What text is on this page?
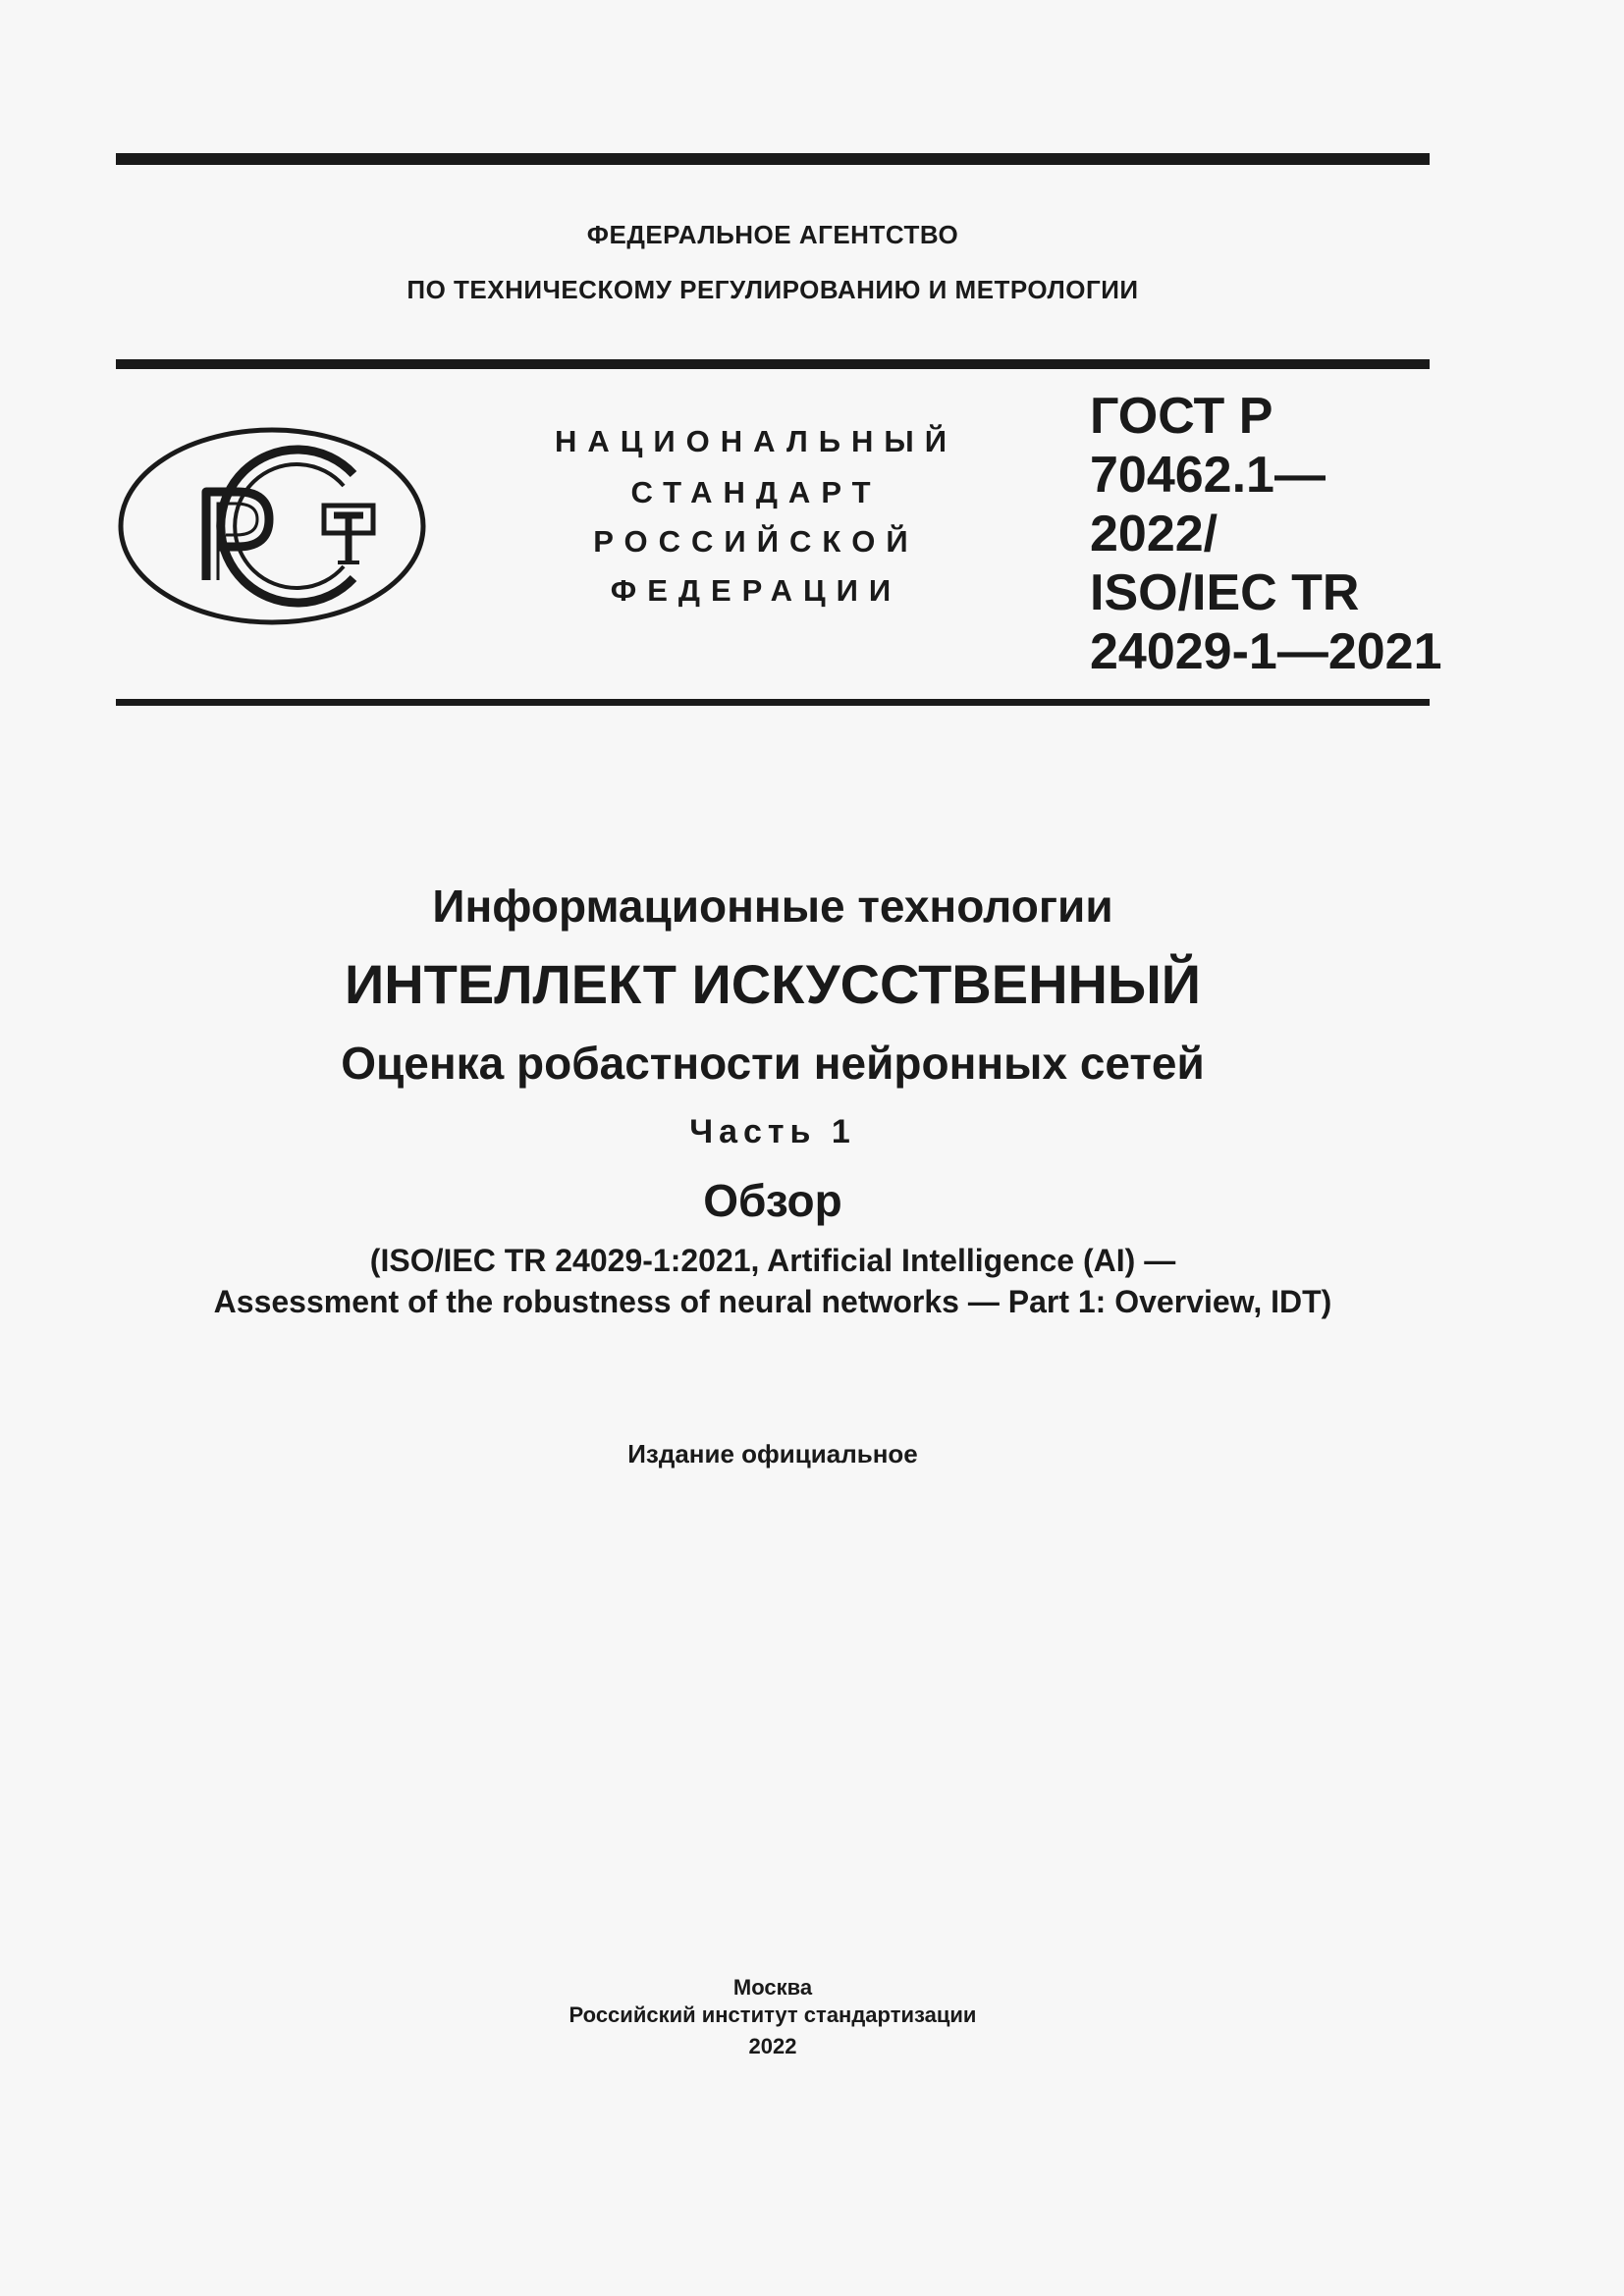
ФЕДЕРАЛЬНОЕ АГЕНТСТВО
ПО ТЕХНИЧЕСКОМУ РЕГУЛИРОВАНИЮ И МЕТРОЛОГИИ
НАЦИОНАЛЬНЫЙ
СТАНДАРТ
РОССИЙСКОЙ
ФЕДЕРАЦИИ
ГОСТ Р
70462.1—
2022/
ISO/IEC TR
24029-1—2021
Информационные технологии
ИНТЕЛЛЕКТ ИСКУССТВЕННЫЙ
Оценка робастности нейронных сетей
Часть 1
Обзор
(ISO/IEC TR 24029-1:2021, Artificial Intelligence (AI) —
Assessment of the robustness of neural networks — Part 1: Overview, IDT)
Издание официальное
Москва
Российский институт стандартизации
2022
